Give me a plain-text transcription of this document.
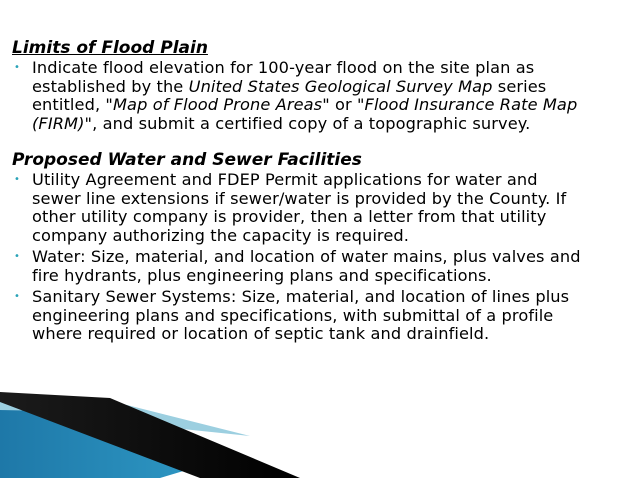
Limits of Flood Plain
• Indicate flood elevation for 100-year flood on the site plan as
established by the United States Geological Survey Map series
entitled, "Map of Flood Prone Areas" or "Flood Insurance Rate Map
(FIRM)", and submit a certified copy of a topographic survey.
Proposed Water and Sewer Facilities
• Utility Agreement and FDEP Permit applications for water and
sewer line extensions if sewer/water is provided by the County. If
other utility company is provider, then a letter from that utility
company authorizing the capacity is required.
• Water: Size, material, and location of water mains, plus valves and
fire hydrants, plus engineering plans and specifications.
• Sanitary Sewer Systems: Size, material, and location of lines plus
engineering plans and specifications, with submittal of a profile
where required or location of septic tank and drainfield.
